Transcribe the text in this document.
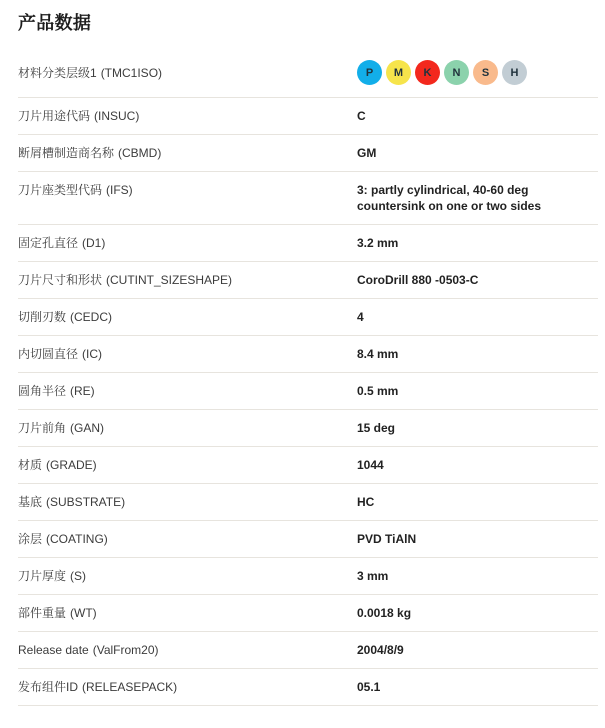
产品数据
材料分类层级1 (TMC1ISO)	P	M	K	N	S	H
刀片用途代码 (INSUC)	C
断屑槽制造商名称 (CBMD)	GM
刀片座类型代码 (IFS)	3: partly cylindrical, 40-60 deg countersink on one or two sides
固定孔直径 (D1)	3.2 mm
刀片尺寸和形状 (CUTINT_SIZESHAPE)	CoroDrill 880 -0503-C
切削刃数 (CEDC)	4
内切圆直径 (IC)	8.4 mm
圆角半径 (RE)	0.5 mm
刀片前角 (GAN)	15 deg
材质 (GRADE)	1044
基底 (SUBSTRATE)	HC
涂层 (COATING)	PVD TiAlN
刀片厚度 (S)	3 mm
部件重量 (WT)	0.0018 kg
Release date (ValFrom20)	2004/8/9
发布组件ID (RELEASEPACK)	05.1
